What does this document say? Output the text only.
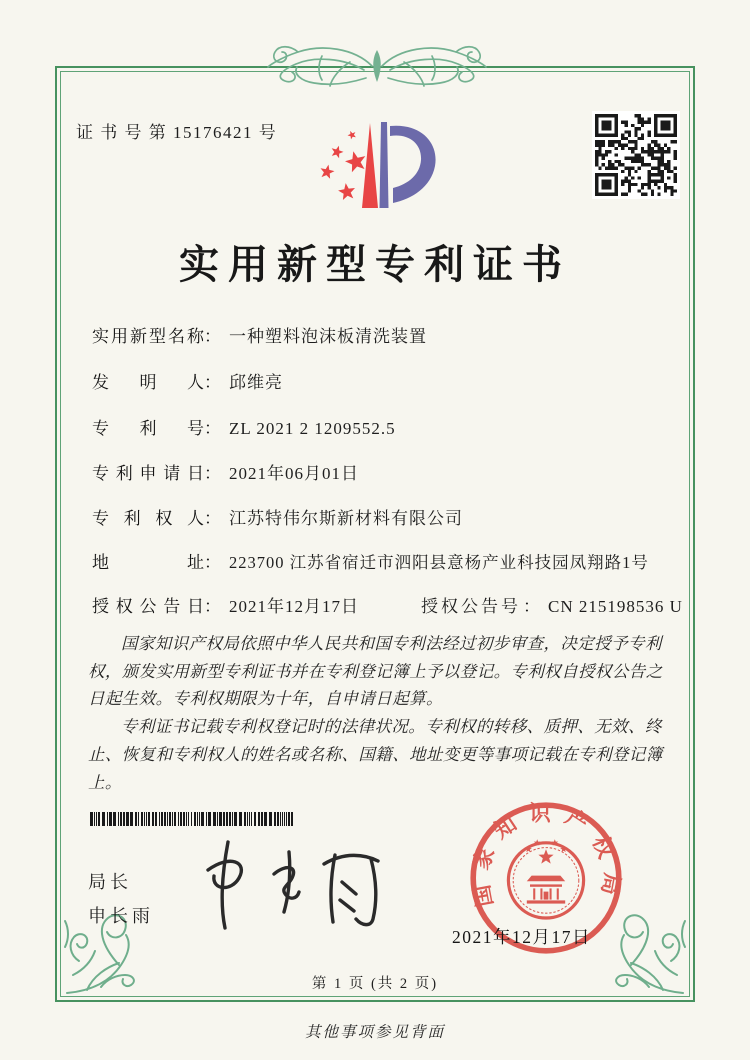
证 书 号 第 15176421 号
实用新型专利证书
实用新型名称： 一种塑料泡沫板清洗装置
发明人： 邱维亮
专利号： ZL 2021 2 1209552.5
专利申请日： 2021年06月01日
专利权人： 江苏特伟尔斯新材料有限公司
地址： 223700 江苏省宿迁市泗阳县意杨产业科技园凤翔路1号
授权公告日： 2021年12月17日	授权公告号 ： CN 215198536 U

国家知识产权局依照中华人民共和国专利法经过初步审查，决定授予专利权，颁发实用新型专利证书并在专利登记簿上予以登记。专利权自授权公告之日起生效。专利权期限为十年，自申请日起算。

专利证书记载专利权登记时的法律状况。专利权的转移、质押、无效、终止、恢复和专利权人的姓名或名称、国籍、地址变更等事项记载在专利登记簿上。

局长
申长雨
国家知识产权局
2021年12月17日
第 1 页 (共 2 页)
其他事项参见背面
